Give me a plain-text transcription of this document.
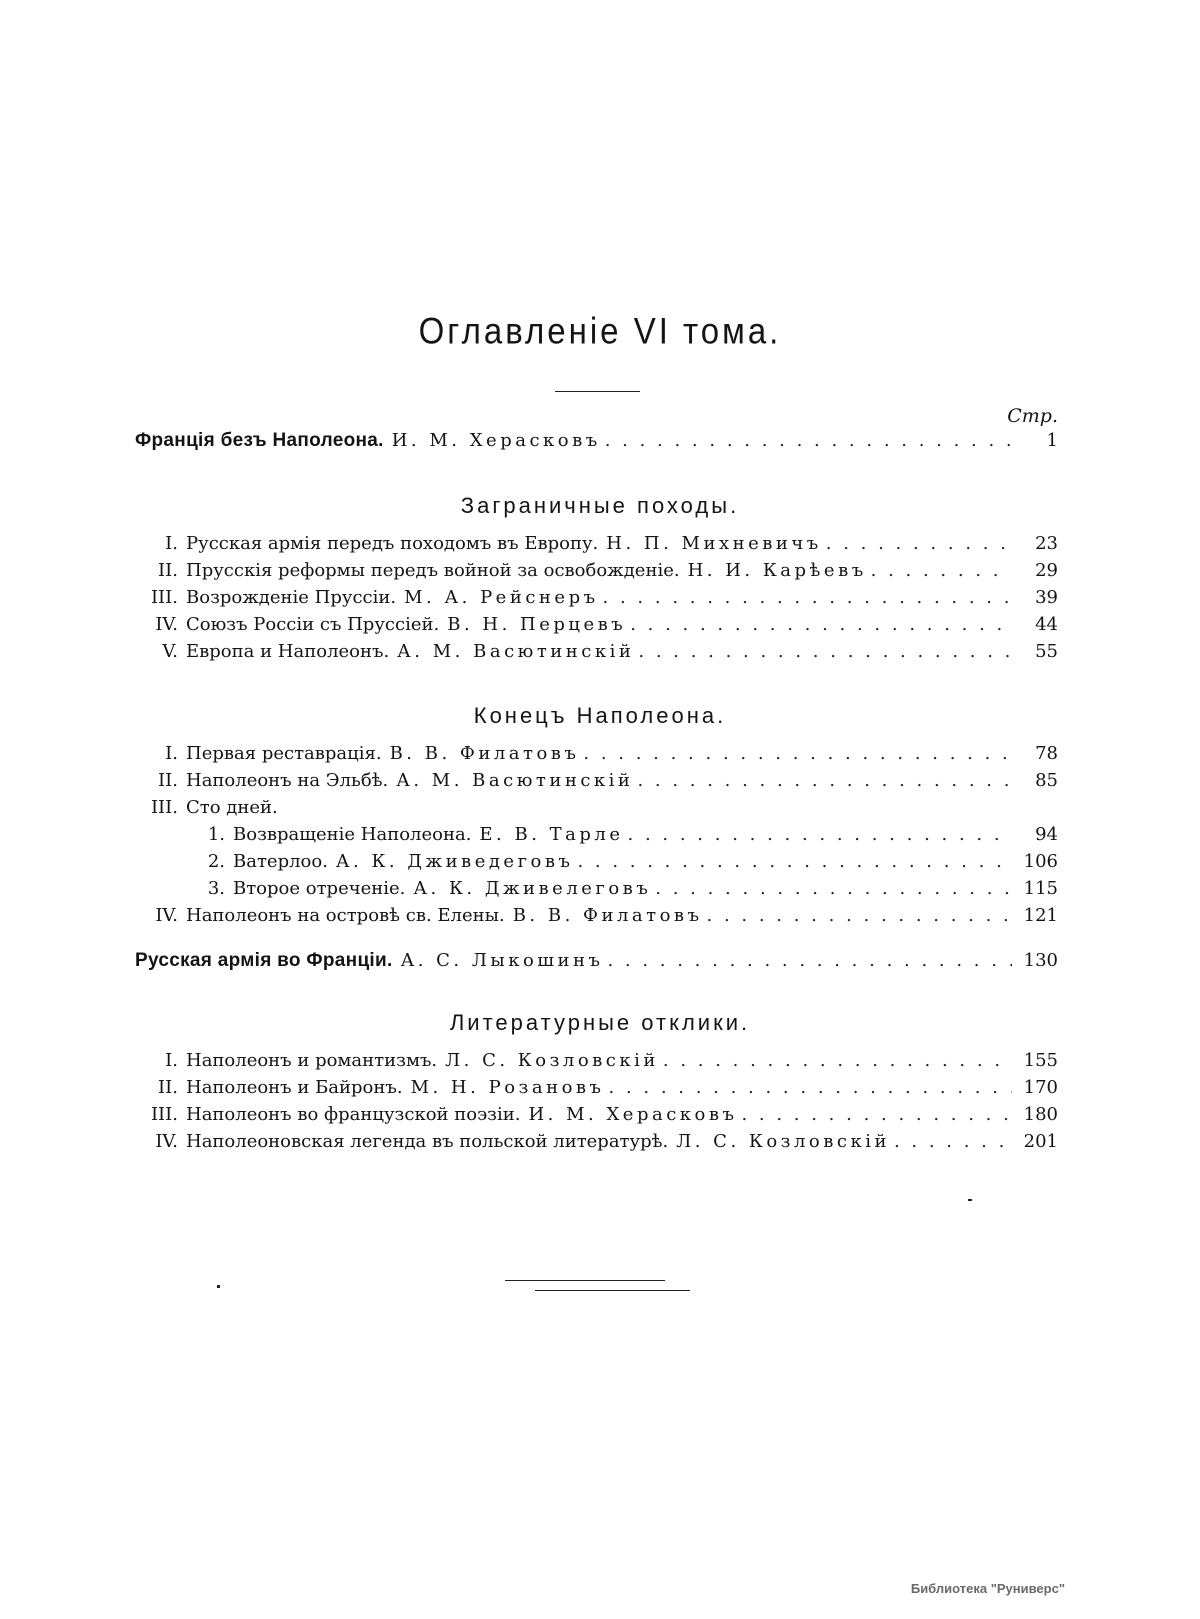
Оглавленіе VI тома.
Стр.
Франція безъ Наполеона. И. М. Херасковъ . . .	1
Заграничные походы.
I. Русская армія передъ походомъ въ Европу. Н. П. Михневичъ . . .	23
II. Прусскія реформы передъ войной за освобожденіе. Н. И. Карѣевъ . . .	29
III. Возрожденіе Пруссіи. М. А. Рейснеръ . . .	39
IV. Союзъ Россіи съ Пруссіей. В. Н. Перцевъ . . .	44
V. Европа и Наполеонъ. А. М. Васютинскій . . .	55
Конецъ Наполеона.
I. Первая реставрація. В. В. Филатовъ . . .	78
II. Наполеонъ на Эльбѣ. А. М. Васютинскій . . .	85
III. Сто дней.
1. Возвращеніе Наполеона. Е. В. Тарле . . .	94
2. Ватерлоо. А. К. Дживедеговъ . . .	106
3. Второе отреченіе. А. К. Дживелеговъ . . .	115
IV. Наполеонъ на островѣ св. Елены. В. В. Филатовъ . . .	121
Русская армія во Франціи. А. С. Лыкошинъ . . .	130
Литературные отклики.
I. Наполеонъ и романтизмъ. Л. С. Козловскій . . .	155
II. Наполеонъ и Байронъ. М. Н. Розановъ . . .	170
III. Наполеонъ во французской поэзіи. И. М. Херасковъ . . .	180
IV. Наполеоновская легенда въ польской литературѣ. Л. С. Козловскій . . .	201
Библиотека "Руниверс"
